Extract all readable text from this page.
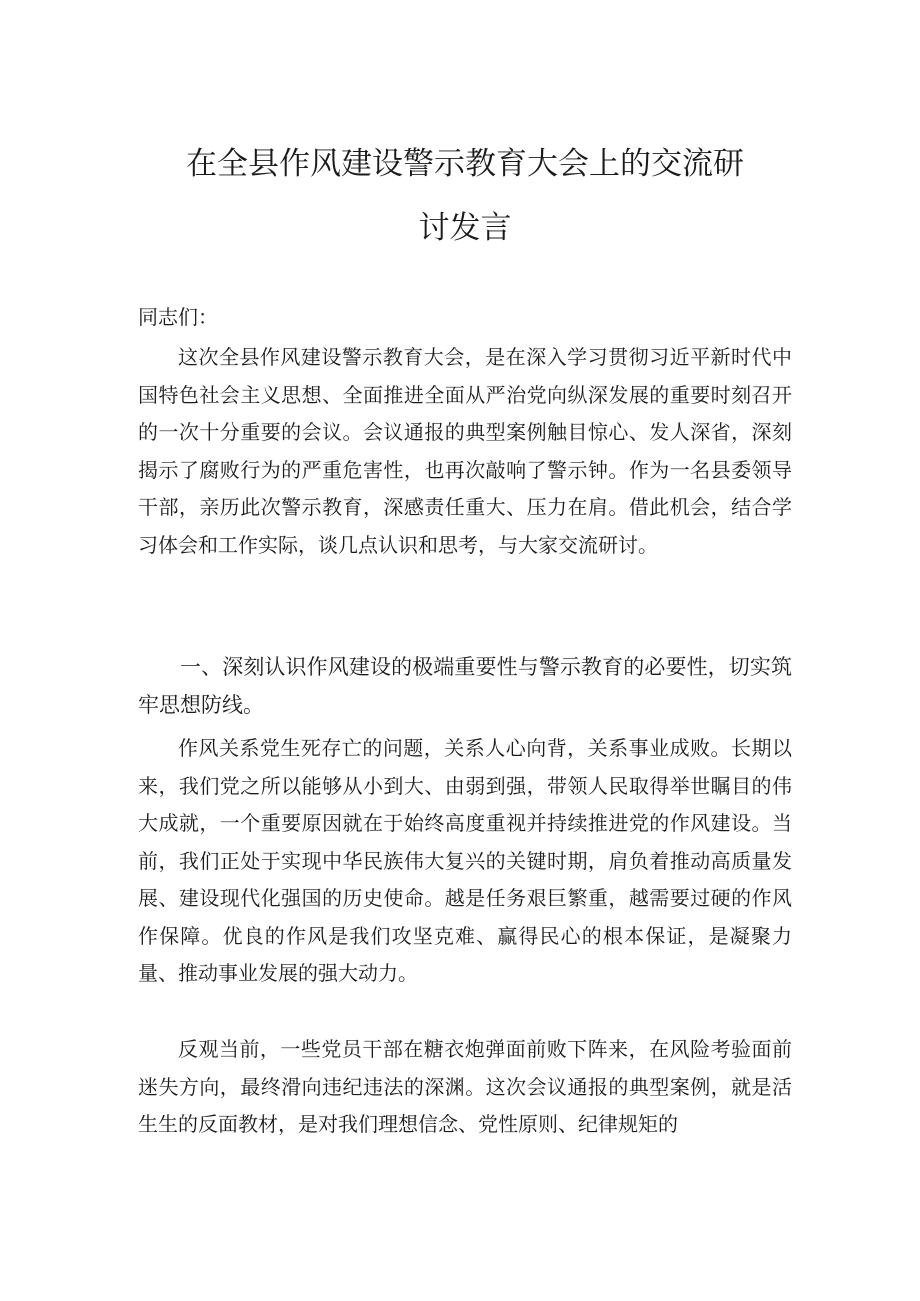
在全县作风建设警示教育大会上的交流研
讨发言

同志们：

这次全县作风建设警示教育大会，是在深入学习贯彻习近平新时代中国特色社会主义思想、全面推进全面从严治党向纵深发展的重要时刻召开的一次十分重要的会议。会议通报的典型案例触目惊心、发人深省，深刻揭示了腐败行为的严重危害性，也再次敲响了警示钟。作为一名县委领导干部，亲历此次警示教育，深感责任重大、压力在肩。借此机会，结合学习体会和工作实际，谈几点认识和思考，与大家交流研讨。

一、深刻认识作风建设的极端重要性与警示教育的必要性，切实筑牢思想防线。

作风关系党生死存亡的问题，关系人心向背，关系事业成败。长期以来，我们党之所以能够从小到大、由弱到强，带领人民取得举世瞩目的伟大成就，一个重要原因就在于始终高度重视并持续推进党的作风建设。当前，我们正处于实现中华民族伟大复兴的关键时期，肩负着推动高质量发展、建设现代化强国的历史使命。越是任务艰巨繁重，越需要过硬的作风作保障。优良的作风是我们攻坚克难、赢得民心的根本保证，是凝聚力量、推动事业发展的强大动力。

反观当前，一些党员干部在糖衣炮弹面前败下阵来，在风险考验面前迷失方向，最终滑向违纪违法的深渊。这次会议通报的典型案例，就是活生生的反面教材，是对我们理想信念、党性原则、纪律规矩的
